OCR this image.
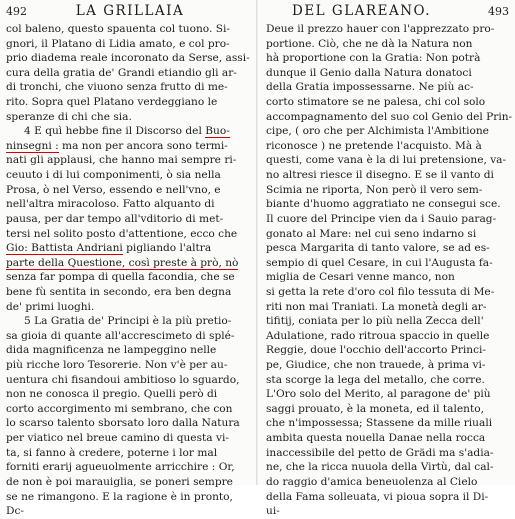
492	LA GRILLAIA
col baleno, questo spauenta col tuono. Si-
gnori, il Platano di Lidia amato, e col pro-
prio diadema reale incoronato da Serse, assi-
cura della gratia de' Grandi etiandio gli ar-
di tronchi, che viuono senza frutto di me-
rito. Sopra quel Platano verdeggiano le
speranze di chi che sia.
4 E quì hebbe fine il Discorso del Buo-
ninsegni : ma non per ancora sono termi-
nati gli applausi, che hanno mai sempre ri-
ceuuto i di lui componimenti, ò sia nella
Prosa, ò nel Verso, essendo e nell'vno, e
nell'altra miracoloso. Fatto alquanto di
pausa, per dar tempo all'vditorio di met-
tersi nel solito posto d'attentione, ecco che
Gio: Battista Andriani pigliando l'altra
parte della Questione, così preste à prò, nò
senza far pompa di quella facondia, che se
bene fù sentita in secondo, era ben degna
de' primi luoghi.
5 La Gratia de' Principi è la più pretio-
sa gioia di quante all'accrescimeto di splé-
dida magnificenza ne lampeggino nelle
più ricche loro Tesorerie. Non v'è per au-
uentura chi fisandoui ambitioso lo sguardo,
non ne conosca il pregio. Quelli però di
corto accorgimento mi sembrano, che con
lo scarso talento sborsato loro dalla Natura
per viatico nel breue camino di questa vi-
ta, si fanno à credere, poterne i lor mal
forniti erarij agueuolmente arricchire : Or,
de non è poi marauiglia, se poneri sempre
se ne rimangono. E la ragione è in pronto,
Dc-
DEL GLAREANO.	493
Deue il prezzo hauer con l'apprezzato pro-
portione. Ciò, che ne dà la Natura non
hà proportione con la Gratia: Non potrà
dunque il Genio dalla Natura donatoci
della Gratia impossessarne. Ne più ac-
corto stimatore se ne palesa, chi col solo
accompagnamento del suo col Genio del Prin-
cipe, ( oro che per Alchimista l'Ambitione
riconosce ) ne pretende l'acquisto. Mà à
questi, come vana è la di lui pretensione, va-
no altresi riesce il disegno. E se il vanto di
Scimia ne riporta, Non però il vero sem-
biante d'huomo aggratiato ne consegui sce.
Il cuore del Principe vien da i Sauio parag-
gonato al Mare: nel cui seno indarno si
pesca Margarita di tanto valore, se ad es-
sempio di quel Cesare, in cui l'Augusta fa-
miglia de Cesari venne manco, non
si getta la rete d'oro col filo tessuta di Me-
riti non mai Traniati. La monetà degli ar-
tifitij, coniata per lo più nella Zecca dell'
Adulatione, rado ritroua spaccio in quelle
Reggie, doue l'occhio dell'accorto Princi-
pe, Giudice, che non trauede, à prima vi-
sta scorge la lega del metallo, che corre.
L'Oro solo del Merito, al paragone de' più
saggi prouato, è la moneta, ed il talento,
che n'impossessa; Stassene da mille riuali
ambita questa nouella Danae nella rocca
inaccessibile del petto de Grädi ma s'adia-
ne, che la ricca nuuola della Virtù, dal cal-
do raggio d'amica beneuolenza al Cielo
della Fama solleuata, vi pioua sopra il Di-
ui-
